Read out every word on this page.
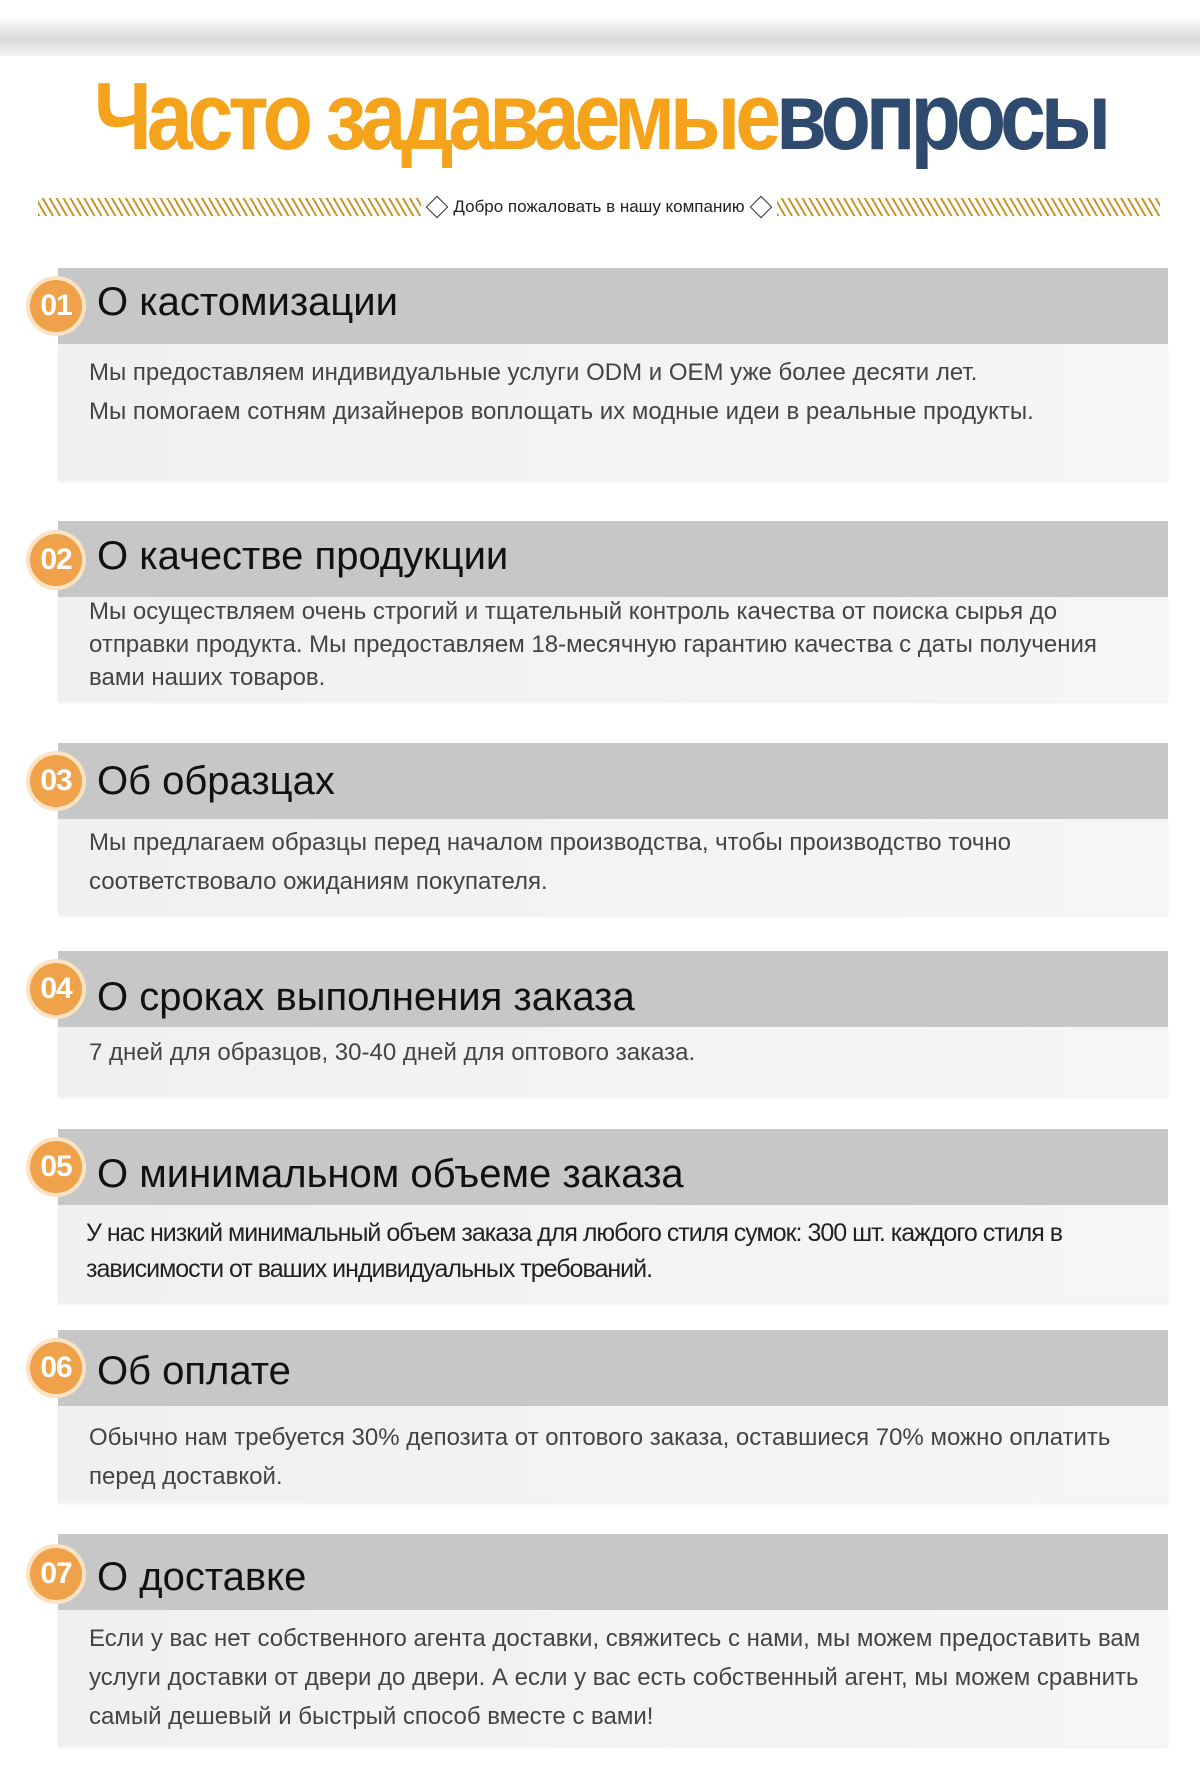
Часто задаваемыевопросы
Добро пожаловать в нашу компанию
01 О кастомизации
Мы предоставляем индивидуальные услуги ODM и OEM уже более десяти лет.
Мы помогаем сотням дизайнеров воплощать их модные идеи в реальные продукты.
02 О качестве продукции
Мы осуществляем очень строгий и тщательный контроль качества от поиска сырья до отправки продукта. Мы предоставляем 18-месячную гарантию качества с даты получения вами наших товаров.
03 Об образцах
Мы предлагаем образцы перед началом производства, чтобы производство точно соответствовало ожиданиям покупателя.
04 О сроках выполнения заказа
7 дней для образцов, 30-40 дней для оптового заказа.
05 О минимальном объеме заказа
У нас низкий минимальный объем заказа для любого стиля сумок: 300 шт. каждого стиля в зависимости от ваших индивидуальных требований.
06 Об оплате
Обычно нам требуется 30% депозита от оптового заказа, оставшиеся 70% можно оплатить перед доставкой.
07 О доставке
Если у вас нет собственного агента доставки, свяжитесь с нами, мы можем предоставить вам услуги доставки от двери до двери. А если у вас есть собственный агент, мы можем сравнить самый дешевый и быстрый способ вместе с вами!
